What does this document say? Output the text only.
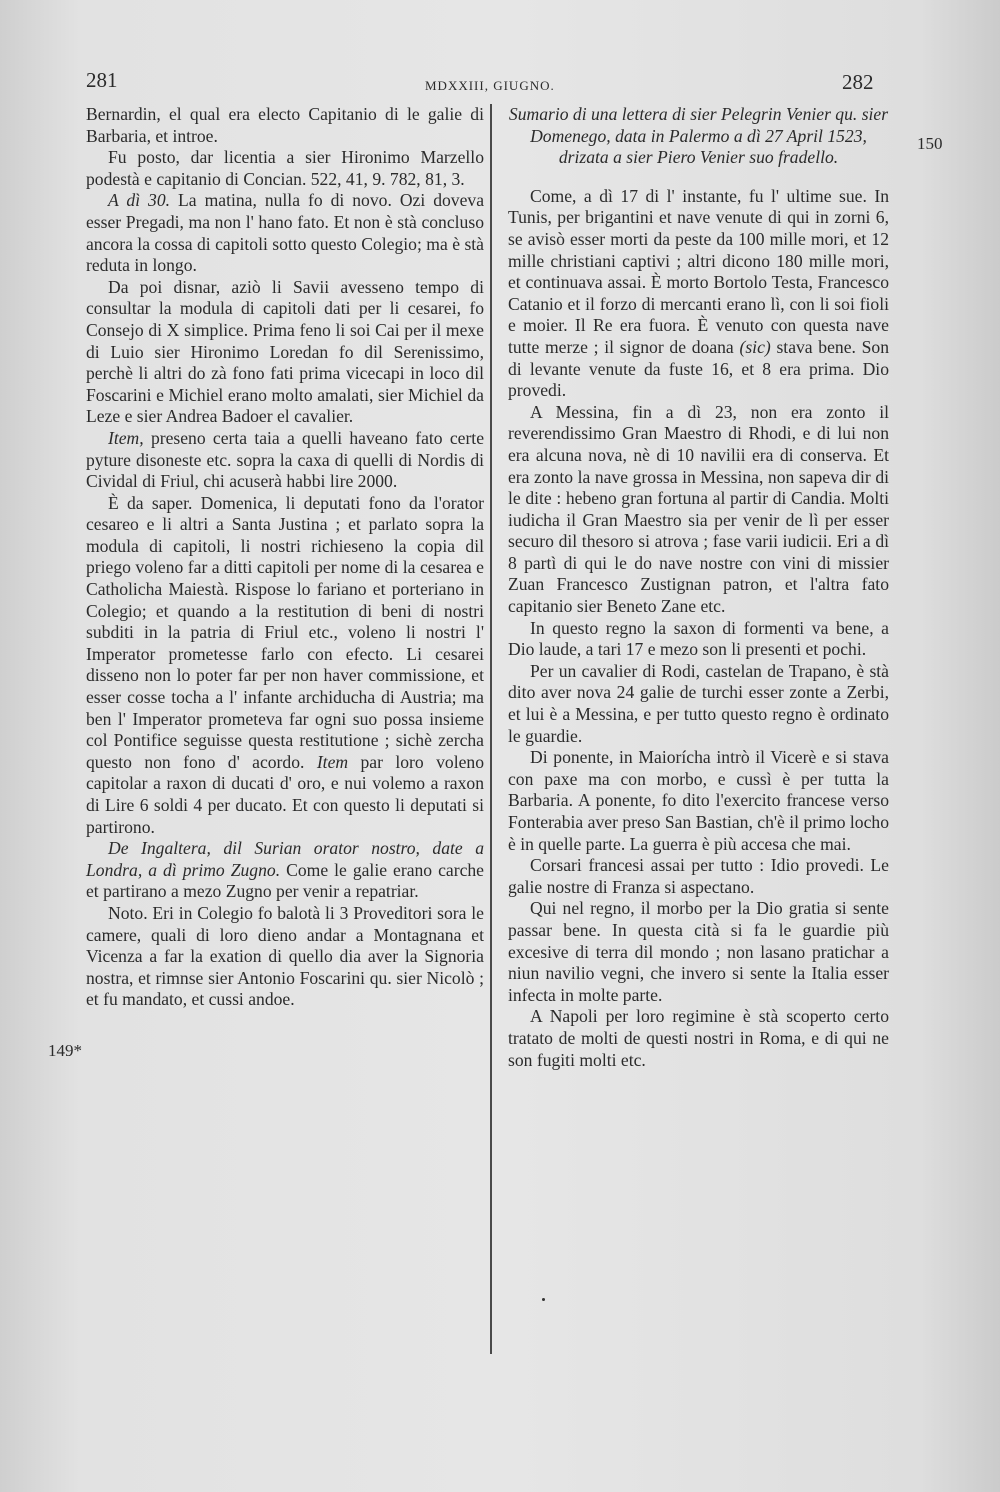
281	MDXXIII, GIUGNO.	282
149*
150

Bernardin, el qual era electo Capitanio di le galie di Barbaria, et introe.

Fu posto, dar licentia a sier Hironimo Marzello podestà e capitanio di Concian. 522, 41, 9. 782, 81, 3.

A dì 30. La matina, nulla fo di novo. Ozi doveva esser Pregadi, ma non l' hano fato. Et non è stà concluso ancora la cossa di capitoli sotto questo Colegio; ma è stà reduta in longo.

Da poi disnar, aziò li Savii avesseno tempo di consultar la modula di capitoli dati per li cesarei, fo Consejo di X simplice. Prima feno li soi Cai per il mexe di Luio sier Hironimo Loredan fo dil Serenissimo, perchè li altri do zà fono fati prima vicecapi in loco dil Foscarini e Michiel erano molto amalati, sier Michiel da Leze e sier Andrea Badoer el cavalier.

Item, preseno certa taia a quelli haveano fato certe pyture disoneste etc. sopra la caxa di quelli di Nordis di Cividal di Friul, chi acuserà habbi lire 2000.

È da saper. Domenica, li deputati fono da l'orator cesareo e li altri a Santa Justina ; et parlato sopra la modula di capitoli, li nostri richieseno la copia dil priego voleno far a ditti capitoli per nome di la cesarea e Catholicha Maiestà. Rispose lo fariano et porteriano in Colegio; et quando a la restitution di beni di nostri subditi in la patria di Friul etc., voleno li nostri l' Imperator prometesse farlo con efecto. Li cesarei disseno non lo poter far per non haver commissione, et esser cosse tocha a l' infante archiducha di Austria; ma ben l' Imperator prometeva far ogni suo possa insieme col Pontifice seguisse questa restitutione ; sichè zercha questo non fono d' acordo. Item par loro voleno capitolar a raxon di ducati d' oro, e nui volemo a raxon di Lire 6 soldi 4 per ducato. Et con questo li deputati si partirono.

De Ingaltera, dil Surian orator nostro, date a Londra, a dì primo Zugno. Come le galie erano carche et partirano a mezo Zugno per venir a repatriar.

Noto. Eri in Colegio fo balotà li 3 Proveditori sora le camere, quali di loro dieno andar a Montagnana et Vicenza a far la exation di quello dia aver la Signoria nostra, et rimnse sier Antonio Foscarini qu. sier Nicolò ; et fu mandato, et cussi andoe.

Sumario di una lettera di sier Pelegrin Venier qu. sier Domenego, data in Palermo a dì 27 April 1523, drizata a sier Piero Venier suo fradello.

Come, a dì 17 di l' instante, fu l' ultime sue. In Tunis, per brigantini et nave venute di qui in zorni 6, se avisò esser morti da peste da 100 mille mori, et 12 mille christiani captivi ; altri dicono 180 mille mori, et continuava assai. È morto Bortolo Testa, Francesco Catanio et il forzo di mercanti erano lì, con li soi fioli e moier. Il Re era fuora. È venuto con questa nave tutte merze ; il signor de doana (sic) stava bene. Son di levante venute da fuste 16, et 8 era prima. Dio provedi.

A Messina, fin a dì 23, non era zonto il reverendissimo Gran Maestro di Rhodi, e di lui non era alcuna nova, nè di 10 navilii era di conserva. Et era zonto la nave grossa in Messina, non sapeva dir di le dite : hebeno gran fortuna al partir di Candia. Molti iudicha il Gran Maestro sia per venir de lì per esser securo dil thesoro si atrova ; fase varii iudicii. Eri a dì 8 partì di qui le do nave nostre con vini di missier Zuan Francesco Zustignan patron, et l'altra fato capitanio sier Beneto Zane etc.

In questo regno la saxon di formenti va bene, a Dio laude, a tari 17 e mezo son li presenti et pochi.

Per un cavalier di Rodi, castelan de Trapano, è stà dito aver nova 24 galie de turchi esser zonte a Zerbi, et lui è a Messina, e per tutto questo regno è ordinato le guardie.

Di ponente, in Maiorícha intrò il Vicerè e si stava con paxe ma con morbo, e cussì è per tutta la Barbaria. A ponente, fo dito l'exercito francese verso Fonterabia aver preso San Bastian, ch'è il primo locho è in quelle parte. La guerra è più accesa che mai.

Corsari francesi assai per tutto : Idio provedi. Le galie nostre di Franza si aspectano.

Qui nel regno, il morbo per la Dio gratia si sente passar bene. In questa cità si fa le guardie più excesive di terra dil mondo ; non lasano pratichar a niun navilio vegni, che invero si sente la Italia esser infecta in molte parte.

A Napoli per loro regimine è stà scoperto certo tratato de molti de questi nostri in Roma, e di qui ne son fugiti molti etc.
